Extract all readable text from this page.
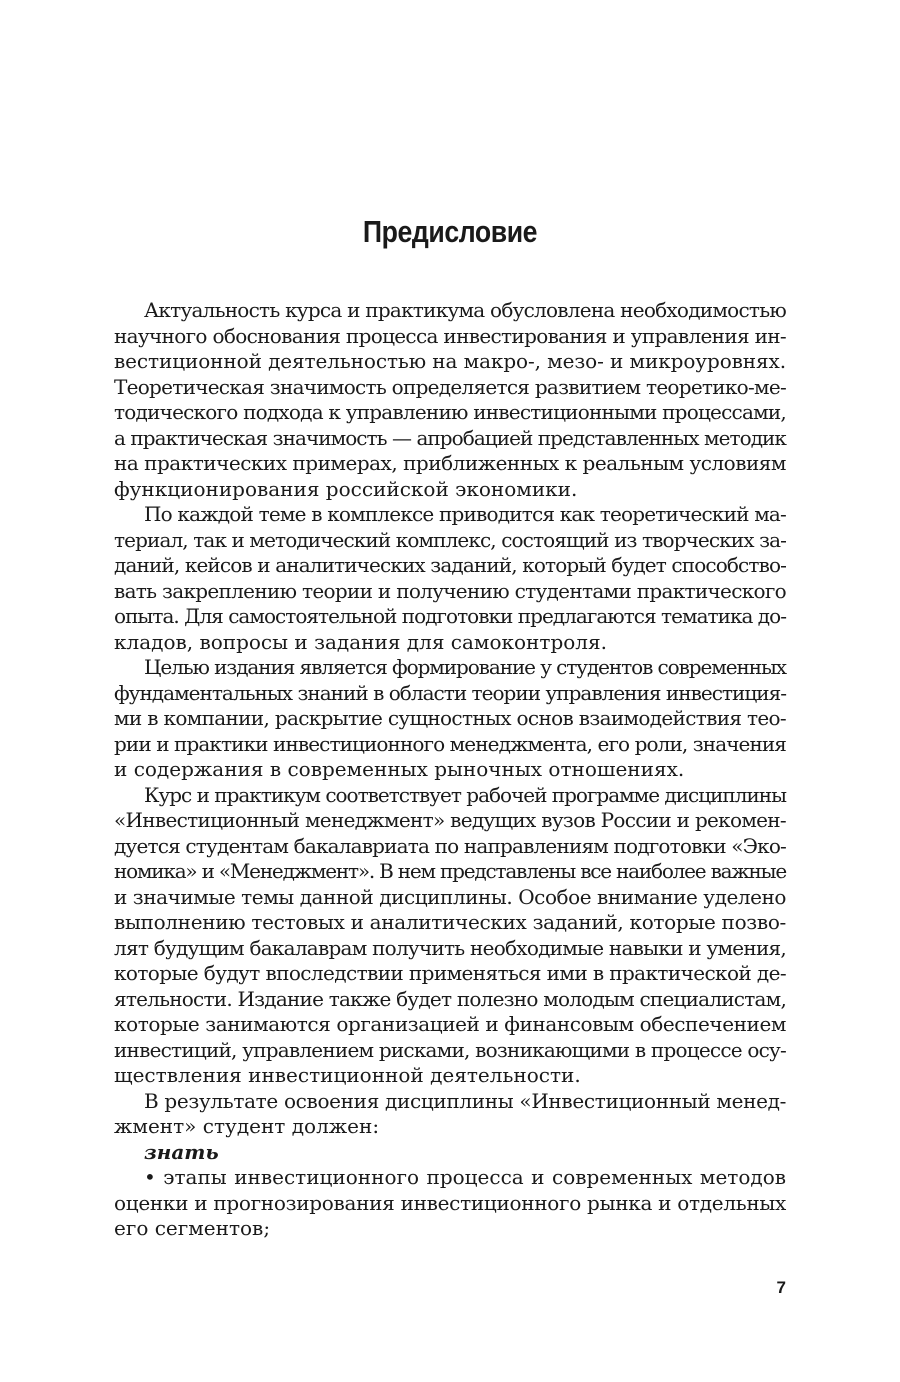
Предисловие
Актуальность курса и практикума обусловлена необходимостью
научного обоснования процесса инвестирования и управления ин-
вестиционной деятельностью на макро-, мезо- и микроуровнях.
Теоретическая значимость определяется развитием теоретико-ме-
тодического подхода к управлению инвестиционными процессами,
а практическая значимость — апробацией представленных методик
на практических примерах, приближенных к реальным условиям
функционирования российской экономики.
По каждой теме в комплексе приводится как теоретический ма-
териал, так и методический комплекс, состоящий из творческих за-
даний, кейсов и аналитических заданий, который будет способство-
вать закреплению теории и получению студентами практического
опыта. Для самостоятельной подготовки предлагаются тематика до-
кладов, вопросы и задания для самоконтроля.
Целью издания является формирование у студентов современных
фундаментальных знаний в области теории управления инвестиция-
ми в компании, раскрытие сущностных основ взаимодействия тео-
рии и практики инвестиционного менеджмента, его роли, значения
и содержания в современных рыночных отношениях.
Курс и практикум соответствует рабочей программе дисциплины
«Инвестиционный менеджмент» ведущих вузов России и рекомен-
дуется студентам бакалавриата по направлениям подготовки «Эко-
номика» и «Менеджмент». В нем представлены все наиболее важные
и значимые темы данной дисциплины. Особое внимание уделено
выполнению тестовых и аналитических заданий, которые позво-
лят будущим бакалаврам получить необходимые навыки и умения,
которые будут впоследствии применяться ими в практической де-
ятельности. Издание также будет полезно молодым специалистам,
которые занимаются организацией и финансовым обеспечением
инвестиций, управлением рисками, возникающими в процессе осу-
ществления инвестиционной деятельности.
В результате освоения дисциплины «Инвестиционный менед-
жмент» студент должен:
знать
• этапы инвестиционного процесса и современных методов
оценки и прогнозирования инвестиционного рынка и отдельных
его сегментов;
7
